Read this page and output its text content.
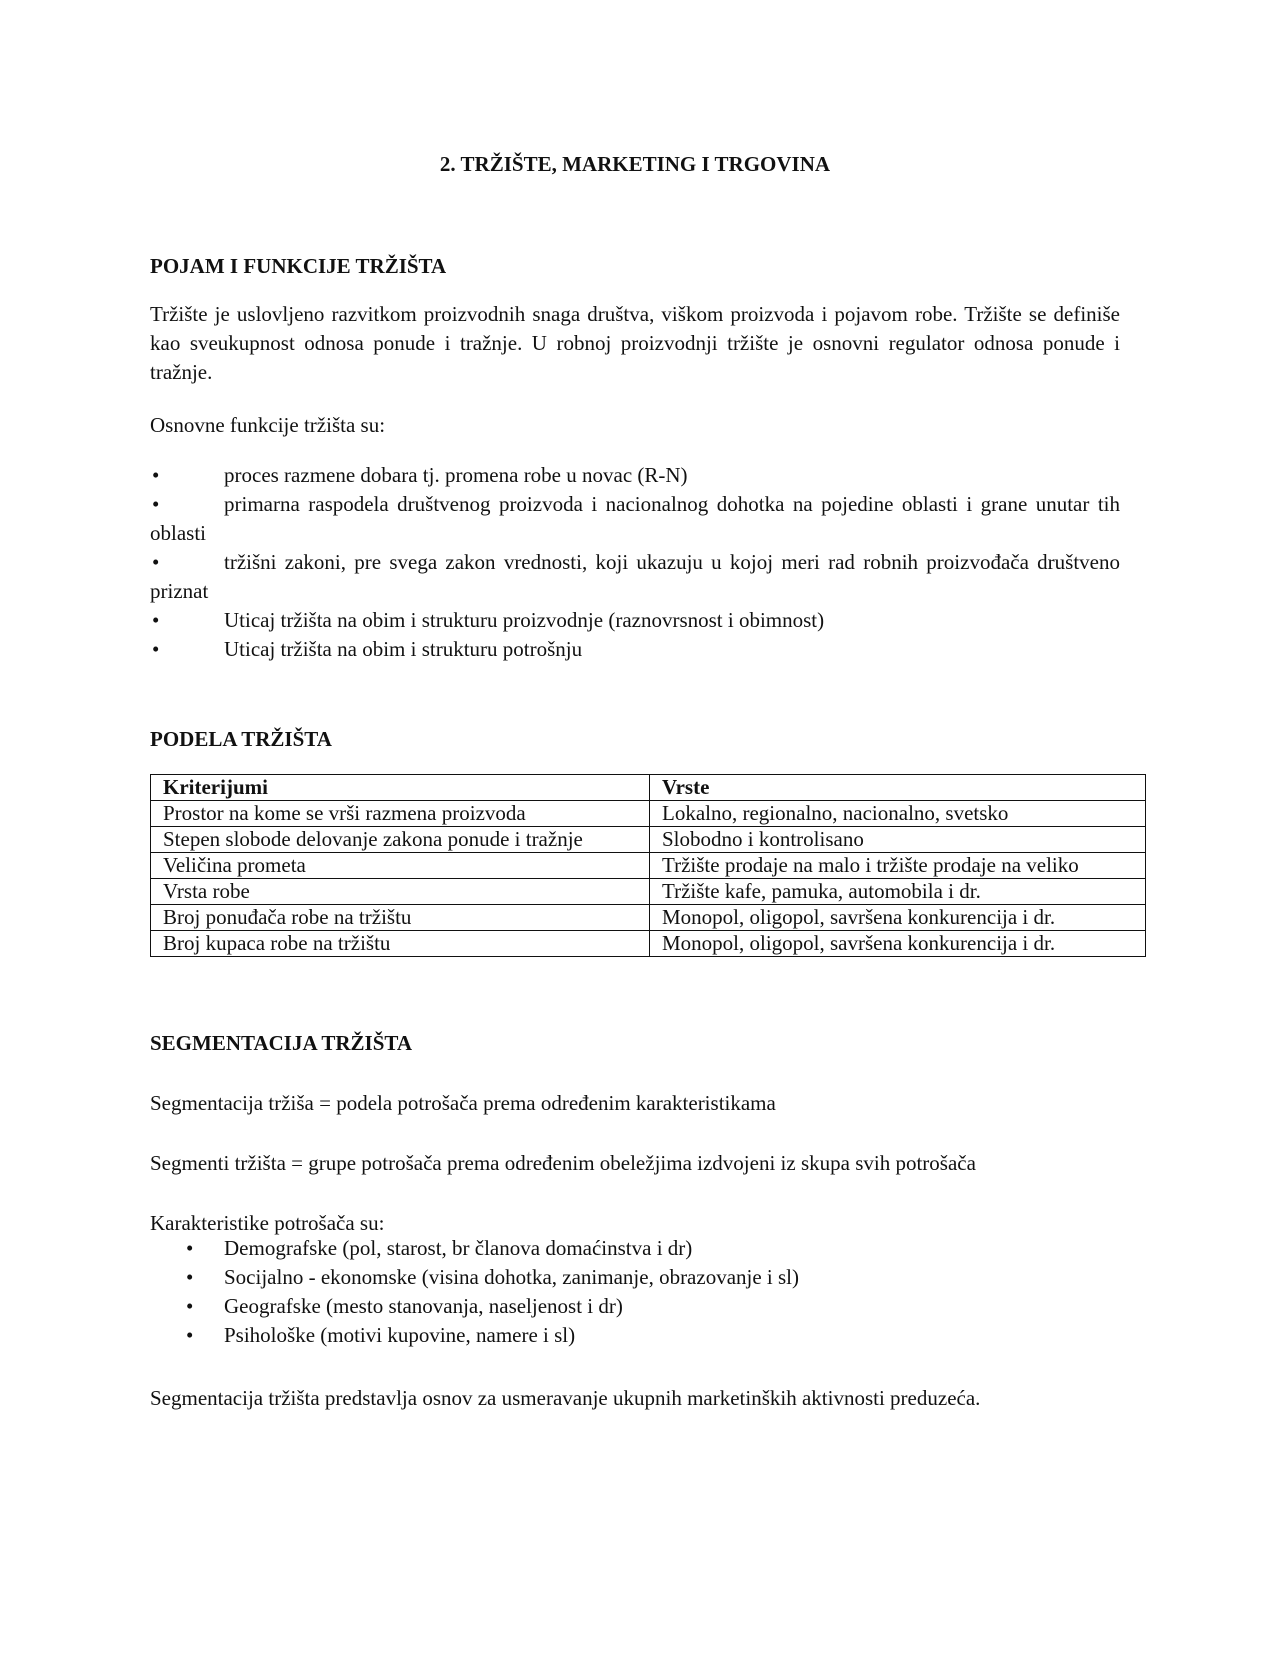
2. TRŽIŠTE, MARKETING I TRGOVINA
POJAM I FUNKCIJE TRŽIŠTA

Tržište je uslovljeno razvitkom proizvodnih snaga društva, viškom proizvoda i pojavom robe. Tržište se definiše kao sveukupnost odnosa ponude i tražnje. U robnoj proizvodnji tržište je osnovni regulator odnosa ponude i tražnje.

Osnovne funkcije tržišta su:

•	proces razmene dobara tj. promena robe u novac (R-N)
•	primarna raspodela društvenog proizvoda i nacionalnog dohotka na pojedine oblasti i grane unutar tih oblasti
•	tržišni zakoni, pre svega zakon vrednosti, koji ukazuju u kojoj meri rad robnih proizvođača društveno priznat
•	Uticaj tržišta na obim i strukturu proizvodnje (raznovrsnost i obimnost)
•	Uticaj tržišta na obim i strukturu potrošnju
PODELA TRŽIŠTA
Kriterijumi	Vrste
Prostor na kome se vrši razmena proizvoda	Lokalno, regionalno, nacionalno, svetsko
Stepen slobode delovanje zakona ponude i tražnje	Slobodno i kontrolisano
Veličina prometa	Tržište prodaje na malo i tržište prodaje na veliko
Vrsta robe	Tržište kafe, pamuka, automobila i dr.
Broj ponuđača robe na tržištu	Monopol, oligopol, savršena konkurencija i dr.
Broj kupaca robe na tržištu	Monopol, oligopol, savršena konkurencija i dr.
SEGMENTACIJA TRŽIŠTA

Segmentacija tržiša = podela potrošača prema određenim karakteristikama

Segmenti tržišta = grupe potrošača prema određenim obeležjima izdvojeni iz skupa svih potrošača

Karakteristike potrošača su:

• Demografske (pol, starost, br članova domaćinstva i dr)
• Socijalno - ekonomske (visina dohotka, zanimanje, obrazovanje i sl)
• Geografske (mesto stanovanja, naseljenost i dr)
• Psihološke (motivi kupovine, namere i sl)

Segmentacija tržišta predstavlja osnov za usmeravanje ukupnih marketinških aktivnosti preduzeća.
